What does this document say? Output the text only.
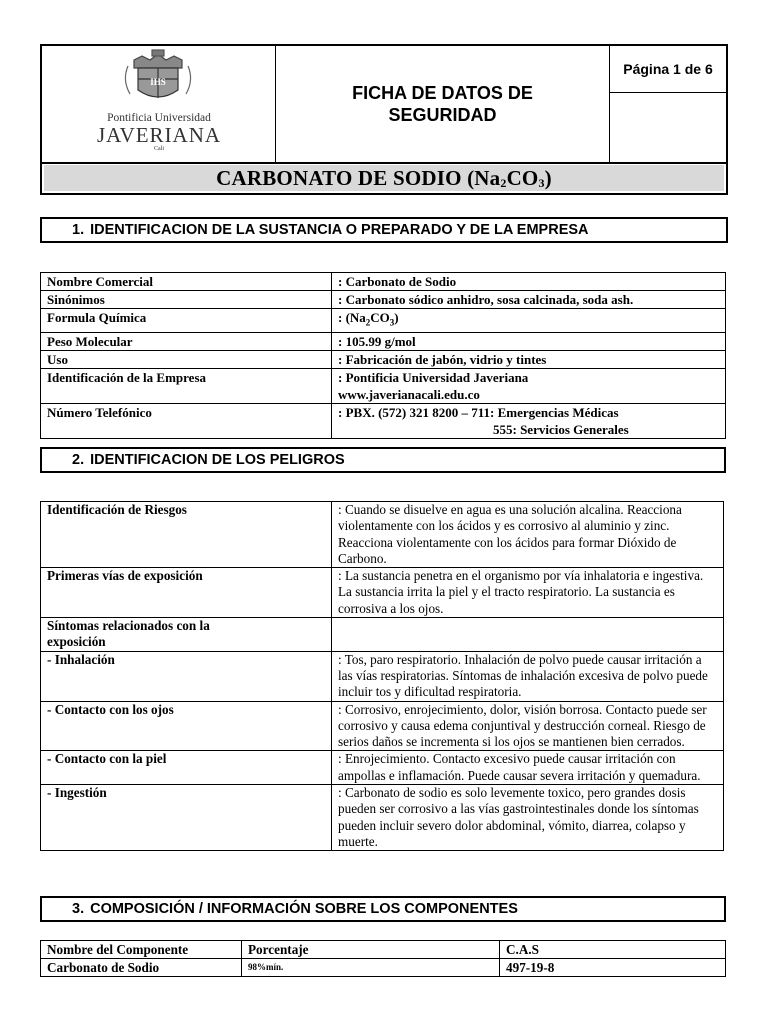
IHS
Pontificia Universidad
JAVERIANA
Cali
FICHA DE DATOS DE SEGURIDAD
Página 1 de 6
CARBONATO DE SODIO $(Na_2CO_3)$
1. IDENTIFICACION DE LA SUSTANCIA O PREPARADO Y DE LA EMPRESA
Nombre Comercial	: Carbonato de Sodio
Sinónimos	: Carbonato sódico anhidro, sosa calcinada, soda ash.
Formula Química	: $(Na_2CO_3)$
Peso Molecular	: 105.99 g/mol
Uso	: Fabricación de jabón, vidrio y tintes
Identificación de la Empresa	: Pontificia Universidad Javeriana
www.javerianacali.edu.co

Número Telefónico	: PBX. (572) 321 8200 – 711: Emergencias Médicas
555: Servicios Generales
2. IDENTIFICACION DE LOS PELIGROS
Identificación de Riesgos	: Cuando se disuelve en agua es una solución alcalina. Reacciona violentamente con los ácidos y es corrosivo al aluminio y zinc. Reacciona violentamente con los ácidos para formar Dióxido de Carbono.
Primeras vías de exposición	: La sustancia penetra en el organismo por vía inhalatoria e ingestiva. La sustancia irrita la piel y el tracto respiratorio. La sustancia es corrosiva a los ojos.
Síntomas relacionados con la exposición	
- Inhalación	: Tos, paro respiratorio. Inhalación de polvo puede causar irritación a las vías respiratorias. Síntomas de inhalación excesiva de polvo puede incluir tos y dificultad respiratoria.
- Contacto con los ojos	: Corrosivo, enrojecimiento, dolor, visión borrosa. Contacto puede ser corrosivo y causa edema conjuntival y destrucción corneal. Riesgo de serios daños se incrementa si los ojos se mantienen bien cerrados.
- Contacto con la piel	: Enrojecimiento. Contacto excesivo puede causar irritación con ampollas e inflamación. Puede causar severa irritación y quemadura.
- Ingestión	: Carbonato de sodio es solo levemente toxico, pero grandes dosis pueden ser corrosivo a las vías gastrointestinales donde los síntomas pueden incluir severo dolor abdominal, vómito, diarrea, colapso y muerte.
3. COMPOSICIÓN / INFORMACIÓN SOBRE LOS COMPONENTES
Nombre del Componente	Porcentaje	C.A.S
Carbonato de Sodio	$^{98\%mín.}$	497-19-8
